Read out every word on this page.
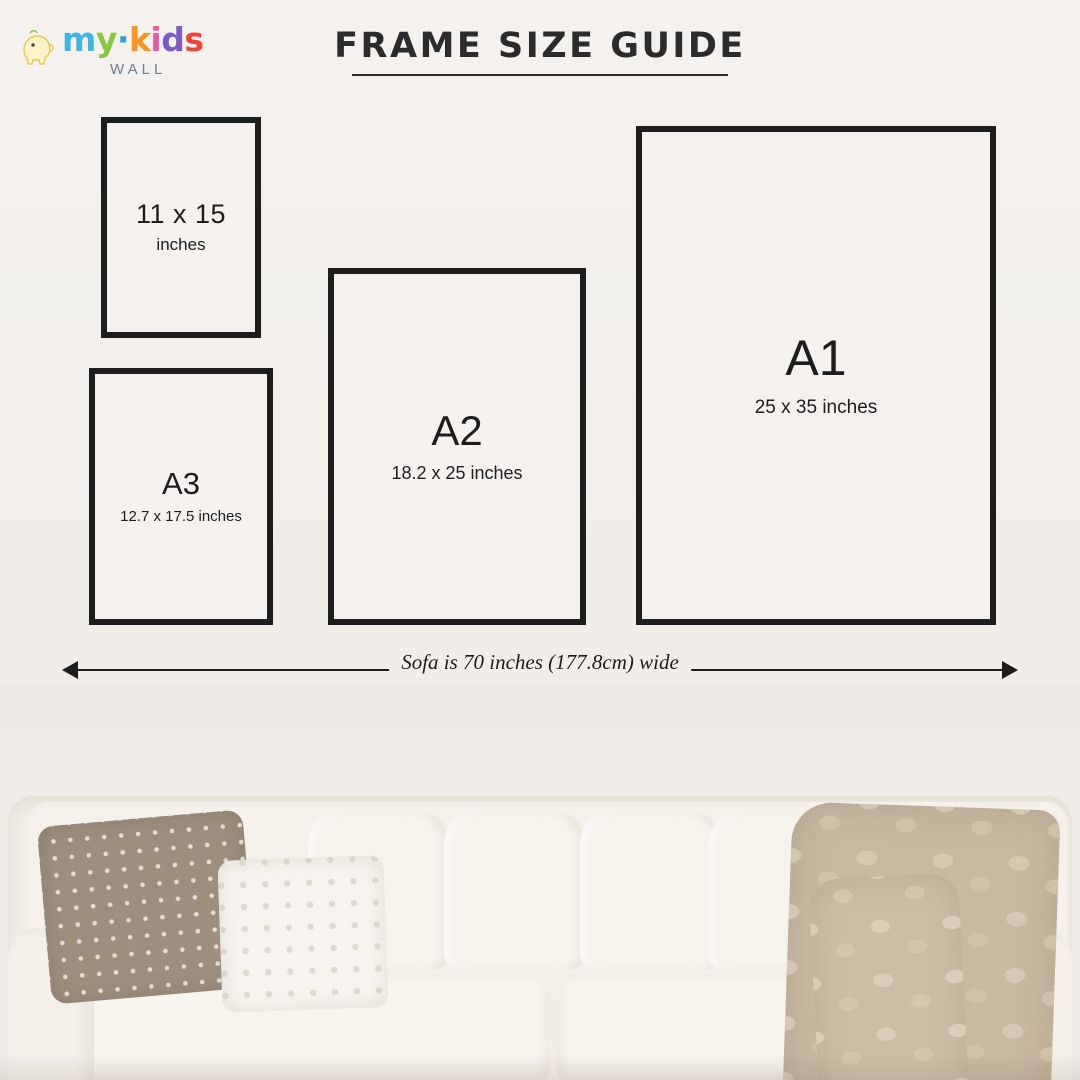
my·kids
WALL
FRAME SIZE GUIDE
11 x 15
inches
A3
12.7 x 17.5 inches
A2
18.2 x 25 inches
A1
25 x 35 inches
Sofa is 70 inches (177.8cm) wide
